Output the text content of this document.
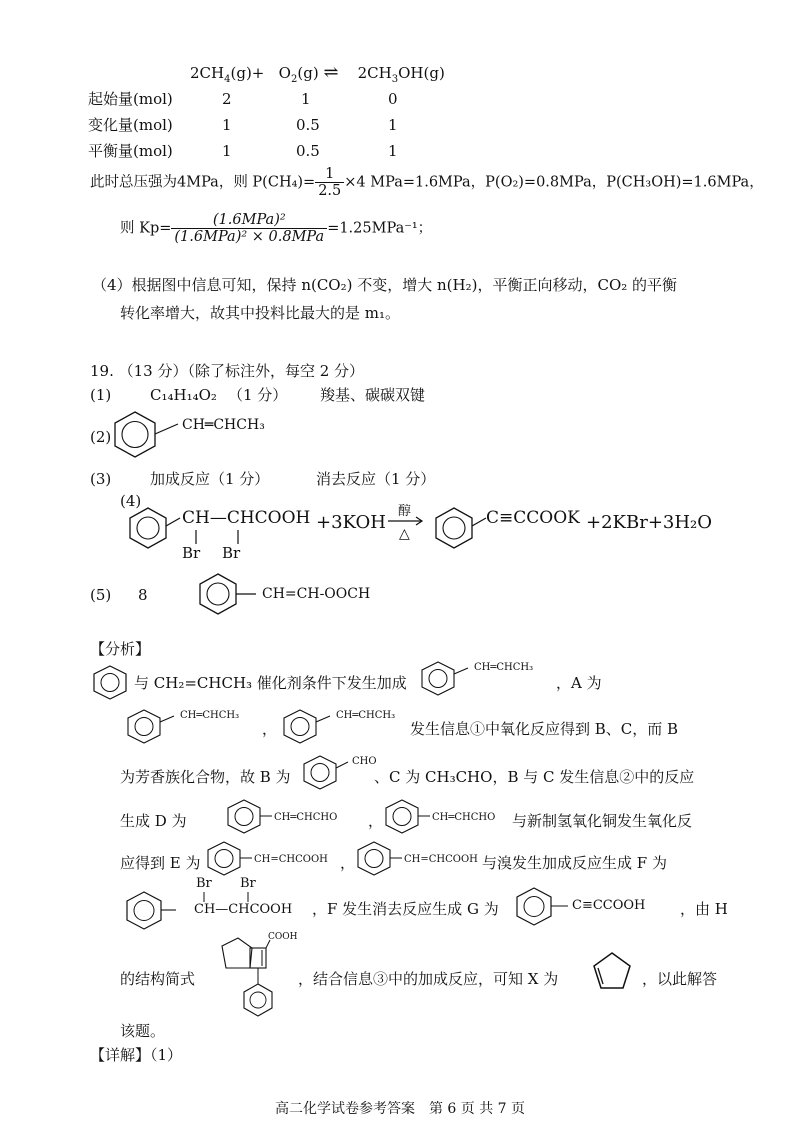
$2CH_4(g)+ O_2(g)$ ⇌ $2CH_3OH(g)$
起始量(mol)	2	1	0
变化量(mol)	1	0.5	1
平衡量(mol)	1	0.5	1
此时总压强为4MPa，则 $P(CH_4)= \frac{1}{2.5} \times 4$ MPa=1.6MPa，P(O₂)=0.8MPa，P(CH₃OH)=1.6MPa，
则 $Kp= \frac{\text{(1.6MPa)²}}{\text{(1.6MPa)² × 0.8MPa}} =1.25MPa^{-1}$；
（4）根据图中信息可知，保持 n(CO₂) 不变，增大 n(H₂)，平衡正向移动，CO₂ 的平衡
转化率增大，故其中投料比最大的是 m₁。
19. （13 分）（除了标注外，每空 2 分）
(1)	C₁₄H₁₄O₂ （1 分） 羧基、碳碳双键
(2)
CH═CHCH₃
(3)	加成反应（1 分）	消去反应（1 分）
(4)
CH—CHCOOH
Br Br
+3KOH
醇
△
C≡CCOOK +2KBr+3H₂O
(5) 8	CH=CH-OOCH
【分析】
与 CH₂=CHCH₃ 催化剂条件下发生加成
CH═CHCH₃
，A 为
CH═CHCH₃
，
CH═CHCH₃
发生信息①中氧化反应得到 B、C，而 B
为芳香族化合物，故 B 为
CHO
、C 为 CH₃CHO，B 与 C 发生信息②中的反应
生成 D 为	CH═CHCHO ，	CH═CHCHO 与新制氢氧化铜发生氧化反
应得到 E 为	CH=CHCOOH ，	CH=CHCOOH 与溴发生加成反应生成 F 为
Br Br
CH—CHCOOH ，F 发生消去反应生成 G 为	C≡CCOOH ，由 H
的结构简式
COOH
，结合信息③中的加成反应，可知 X 为	，以此解答
该题。
【详解】（1）
高二化学试卷参考答案　第 6 页 共 7 页
